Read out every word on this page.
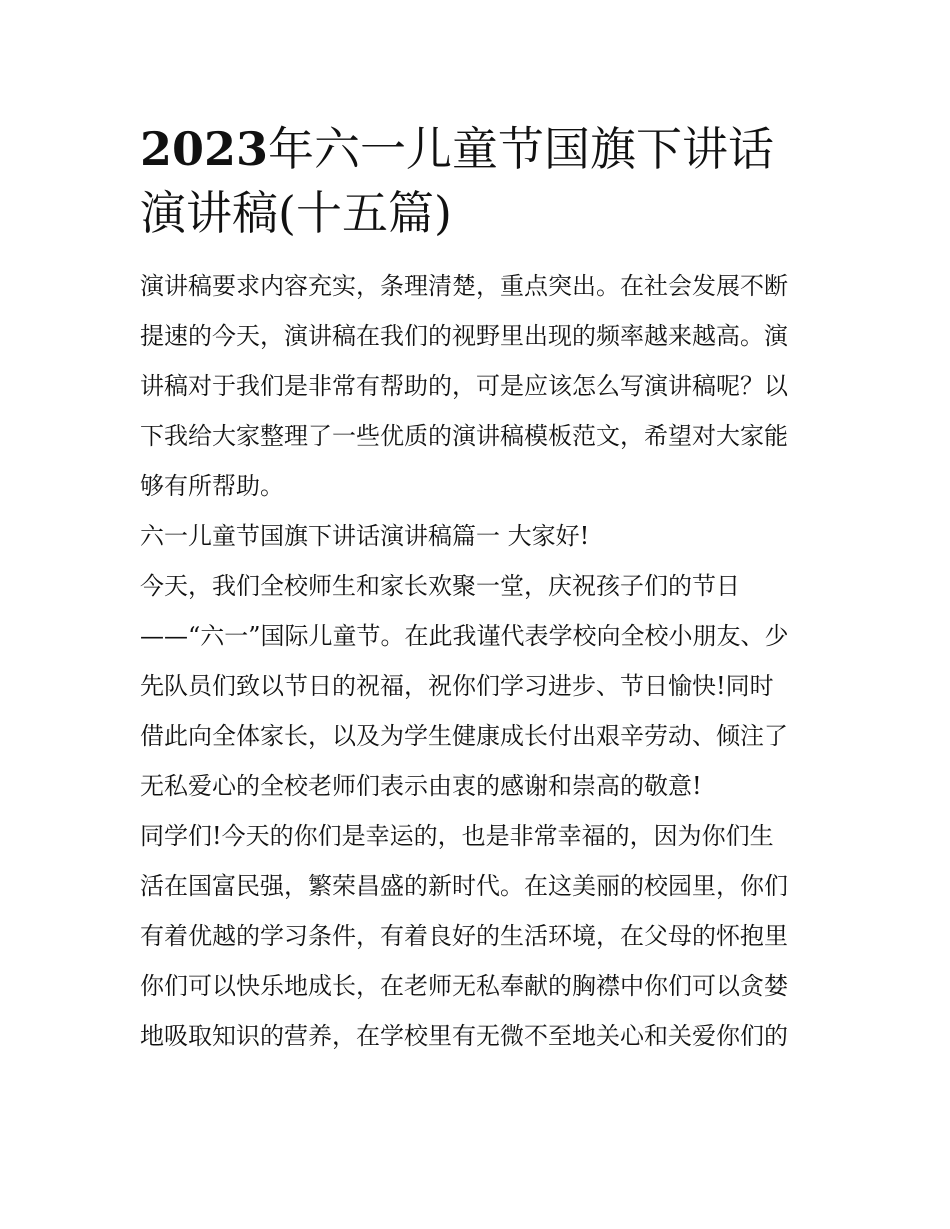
2023年六一儿童节国旗下讲话
演讲稿(十五篇)

演讲稿要求内容充实，条理清楚，重点突出。在社会发展不断
提速的今天，演讲稿在我们的视野里出现的频率越来越高。演
讲稿对于我们是非常有帮助的，可是应该怎么写演讲稿呢？以
下我给大家整理了一些优质的演讲稿模板范文，希望对大家能
够有所帮助。

六一儿童节国旗下讲话演讲稿篇一 大家好!

今天，我们全校师生和家长欢聚一堂，庆祝孩子们的节日
——“六一”国际儿童节。在此我谨代表学校向全校小朋友、少
先队员们致以节日的祝福，祝你们学习进步、节日愉快!同时
借此向全体家长，以及为学生健康成长付出艰辛劳动、倾注了
无私爱心的全校老师们表示由衷的感谢和崇高的敬意!

同学们!今天的你们是幸运的，也是非常幸福的，因为你们生
活在国富民强，繁荣昌盛的新时代。在这美丽的校园里，你们
有着优越的学习条件，有着良好的生活环境，在父母的怀抱里
你们可以快乐地成长，在老师无私奉献的胸襟中你们可以贪婪
地吸取知识的营养，在学校里有无微不至地关心和关爱你们的
